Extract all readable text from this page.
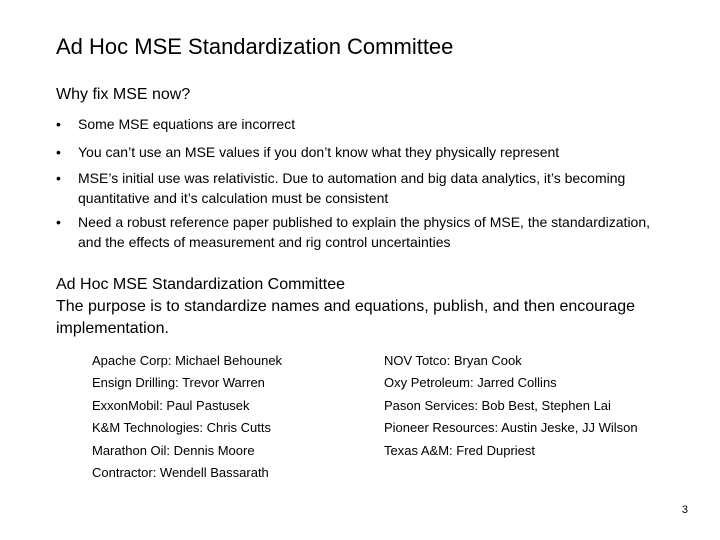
Ad Hoc MSE Standardization Committee
Why fix MSE now?
• Some MSE equations are incorrect
• You can’t use an MSE values if you don’t know what they physically represent
• MSE’s initial use was relativistic. Due to automation and big data analytics, it’s becoming quantitative and it’s calculation must be consistent
• Need a robust reference paper published to explain the physics of MSE, the standardization, and the effects of measurement and rig control uncertainties

Ad Hoc MSE Standardization Committee

The purpose is to standardize names and equations, publish, and then encourage implementation.

Apache Corp: Michael Behounek
Ensign Drilling: Trevor Warren
ExxonMobil: Paul Pastusek
K&M Technologies: Chris Cutts
Marathon Oil: Dennis Moore
Contractor: Wendell Bassarath
NOV Totco: Bryan Cook
Oxy Petroleum: Jarred Collins
Pason Services: Bob Best, Stephen Lai
Pioneer Resources: Austin Jeske, JJ Wilson
Texas A&M: Fred Dupriest
3
